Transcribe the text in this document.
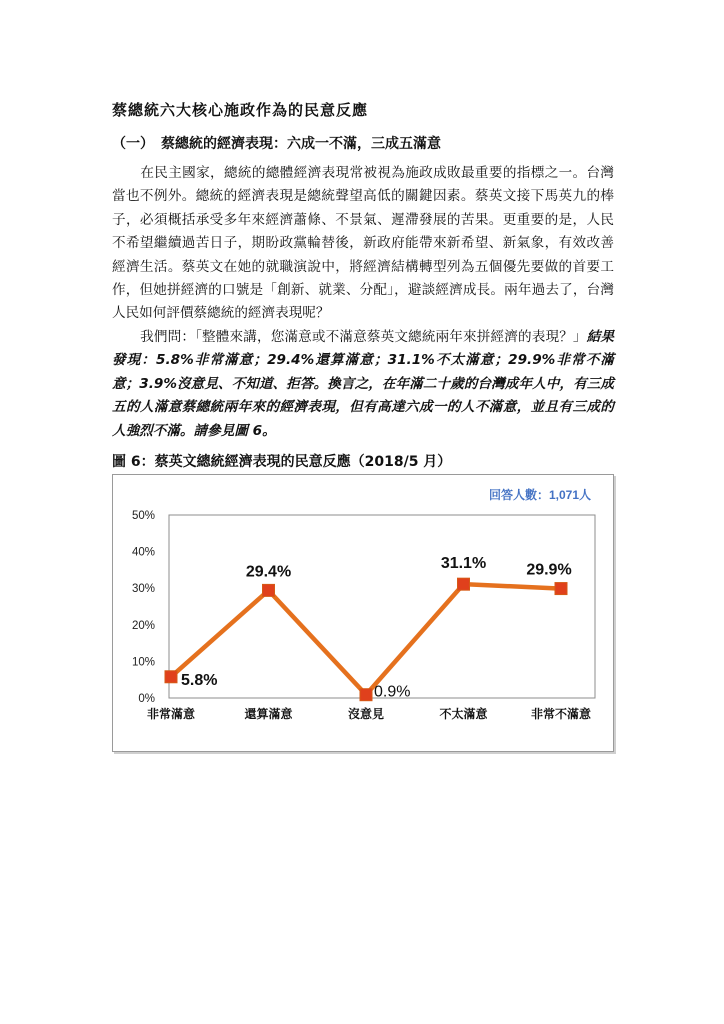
蔡總統六大核心施政作為的民意反應
（一）　蔡總統的經濟表現：六成一不滿，三成五滿意
在民主國家，總統的總體經濟表現常被視為施政成敗最重要的指標之一。台灣當也不例外。總統的經濟表現是總統聲望高低的關鍵因素。蔡英文接下馬英九的棒子，必須概括承受多年來經濟蕭條、不景氣、遲滯發展的苦果。更重要的是，人民不希望繼續過苦日子，期盼政黨輪替後，新政府能帶來新希望、新氣象，有效改善經濟生活。蔡英文在她的就職演說中，將經濟結構轉型列為五個優先要做的首要工作，但她拼經濟的口號是「創新、就業、分配」，避談經濟成長。兩年過去了，台灣人民如何評價蔡總統的經濟表現呢？
我們問：「整體來講，您滿意或不滿意蔡英文總統兩年來拼經濟的表現？」結果發現：5.8%非常滿意；29.4%還算滿意；31.1%不太滿意；29.9%非常不滿意；3.9%沒意見、不知道、拒答。換言之，在年滿二十歲的台灣成年人中，有三成五的人滿意蔡總統兩年來的經濟表現，但有高達六成一的人不滿意，並且有三成的人強烈不滿。請參見圖 6。
圖 6：蔡英文總統經濟表現的民意反應（2018/5 月）
回答人數：1,071人
0%
10%
20%
30%
40%
50%
非常滿意	還算滿意	沒意見	不太滿意	非常不滿意
5.8%
29.4%
0.9%
31.1%	29.9%
